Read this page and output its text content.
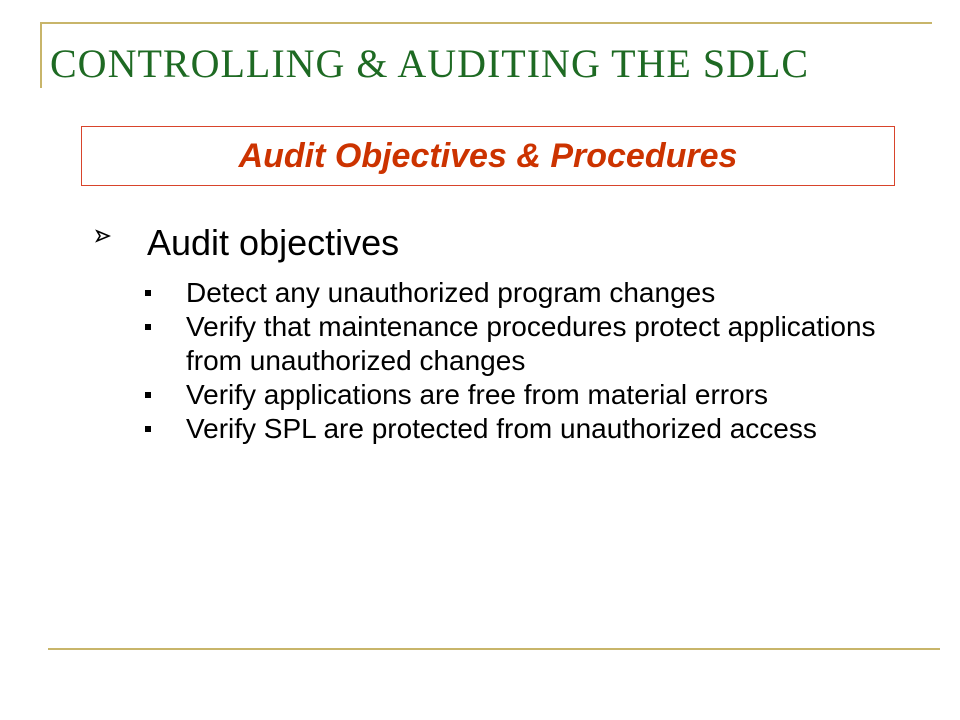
CONTROLLING & AUDITING THE SDLC
Audit Objectives & Procedures
Audit objectives
Detect any unauthorized program changes
Verify that maintenance procedures protect applications from unauthorized changes
Verify applications are free from material errors
Verify SPL are protected from unauthorized access
